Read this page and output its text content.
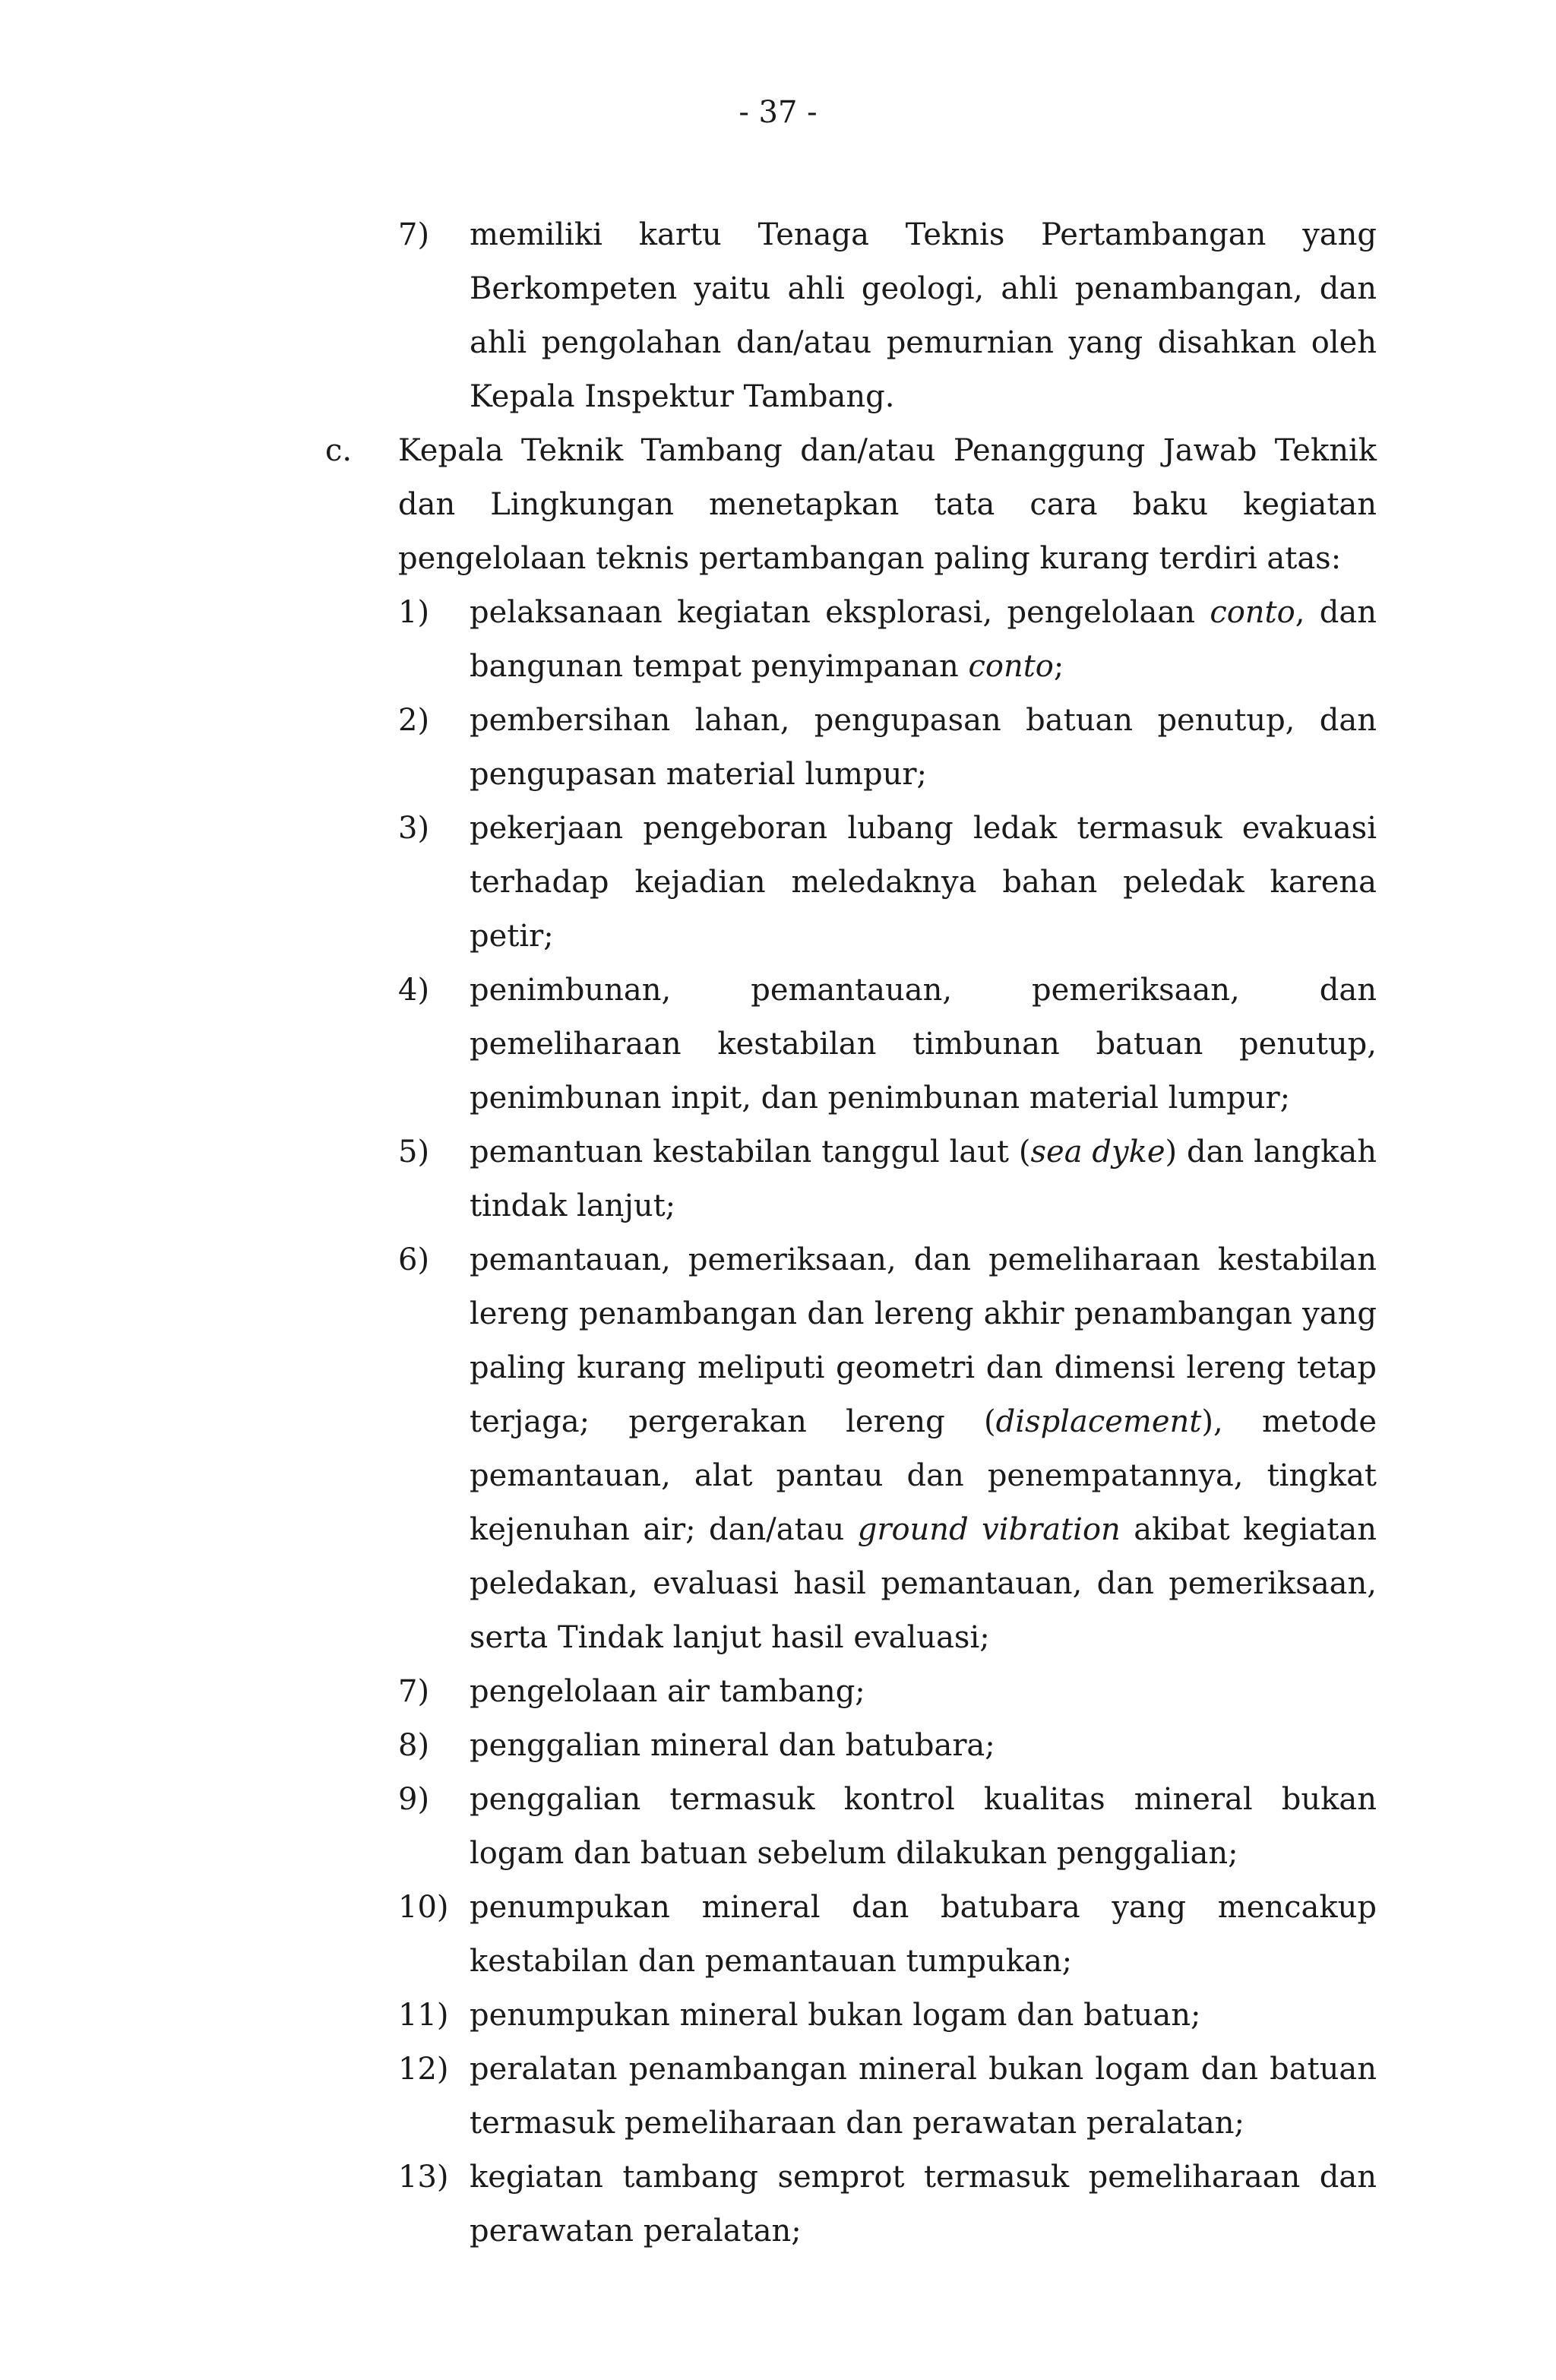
- 37 -
7) memiliki kartu Tenaga Teknis Pertambangan yang Berkompeten yaitu ahli geologi, ahli penambangan, dan ahli pengolahan dan/atau pemurnian yang disahkan oleh Kepala Inspektur Tambang.
c. Kepala Teknik Tambang dan/atau Penanggung Jawab Teknik dan Lingkungan menetapkan tata cara baku kegiatan pengelolaan teknis pertambangan paling kurang terdiri atas:
1) pelaksanaan kegiatan eksplorasi, pengelolaan conto, dan bangunan tempat penyimpanan conto;
2) pembersihan lahan, pengupasan batuan penutup, dan pengupasan material lumpur;
3) pekerjaan pengeboran lubang ledak termasuk evakuasi terhadap kejadian meledaknya bahan peledak karena petir;
4) penimbunan, pemantauan, pemeriksaan, dan pemeliharaan kestabilan timbunan batuan penutup, penimbunan inpit, dan penimbunan material lumpur;
5) pemantuan kestabilan tanggul laut (sea dyke) dan langkah tindak lanjut;
6) pemantauan, pemeriksaan, dan pemeliharaan kestabilan lereng penambangan dan lereng akhir penambangan yang paling kurang meliputi geometri dan dimensi lereng tetap terjaga; pergerakan lereng (displacement), metode pemantauan, alat pantau dan penempatannya, tingkat kejenuhan air; dan/atau ground vibration akibat kegiatan peledakan, evaluasi hasil pemantauan, dan pemeriksaan, serta Tindak lanjut hasil evaluasi;
7) pengelolaan air tambang;
8) penggalian mineral dan batubara;
9) penggalian termasuk kontrol kualitas mineral bukan logam dan batuan sebelum dilakukan penggalian;
10) penumpukan mineral dan batubara yang mencakup kestabilan dan pemantauan tumpukan;
11) penumpukan mineral bukan logam dan batuan;
12) peralatan penambangan mineral bukan logam dan batuan termasuk pemeliharaan dan perawatan peralatan;
13) kegiatan tambang semprot termasuk pemeliharaan dan perawatan peralatan;
